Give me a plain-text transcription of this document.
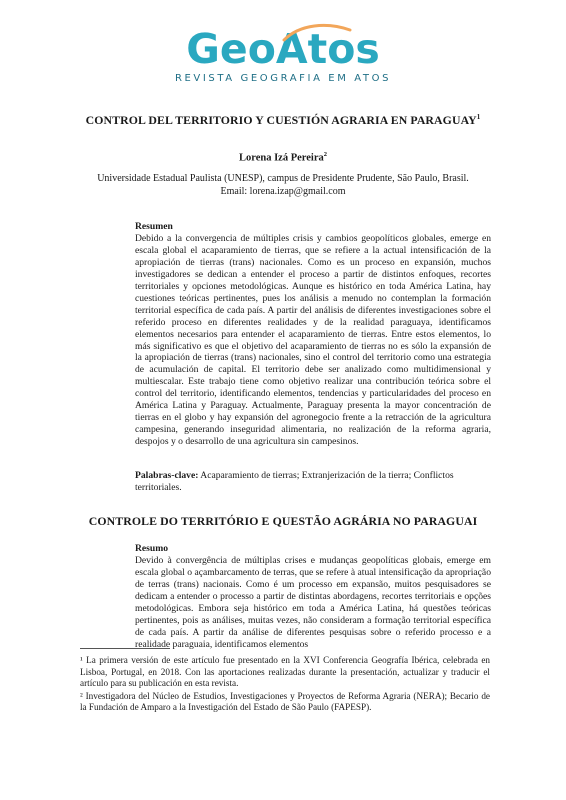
GeoAtos
REVISTA GEOGRAFIA EM ATOS
CONTROL DEL TERRITORIO Y CUESTIÓN AGRARIA EN PARAGUAY$^1$
Lorena Izá Pereira$^2$
Universidade Estadual Paulista (UNESP), campus de Presidente Prudente, São Paulo, Brasil.
Email: lorena.izap@gmail.com
Resumen
Debido a la convergencia de múltiples crisis y cambios geopolíticos globales, emerge en escala global el acaparamiento de tierras, que se refiere a la actual intensificación de la apropiación de tierras (trans) nacionales. Como es un proceso en expansión, muchos investigadores se dedican a entender el proceso a partir de distintos enfoques, recortes territoriales y opciones metodológicas. Aunque es histórico en toda América Latina, hay cuestiones teóricas pertinentes, pues los análisis a menudo no contemplan la formación territorial específica de cada país. A partir del análisis de diferentes investigaciones sobre el referido proceso en diferentes realidades y de la realidad paraguaya, identificamos elementos necesarios para entender el acaparamiento de tierras. Entre estos elementos, lo más significativo es que el objetivo del acaparamiento de tierras no es sólo la expansión de la apropiación de tierras (trans) nacionales, sino el control del territorio como una estrategia de acumulación de capital. El territorio debe ser analizado como multidimensional y multiescalar. Este trabajo tiene como objetivo realizar una contribución teórica sobre el control del territorio, identificando elementos, tendencias y particularidades del proceso en América Latina y Paraguay. Actualmente, Paraguay presenta la mayor concentración de tierras en el globo y hay expansión del agronegocio frente a la retracción de la agricultura campesina, generando inseguridad alimentaria, no realización de la reforma agraria, despojos y o desarrollo de una agricultura sin campesinos.
Palabras-clave: Acaparamiento de tierras; Extranjerización de la tierra; Conflictos territoriales.
CONTROLE DO TERRITÓRIO E QUESTÃO AGRÁRIA NO PARAGUAI
Resumo
Devido à convergência de múltiplas crises e mudanças geopolíticas globais, emerge em escala global o açambarcamento de terras, que se refere à atual intensificação da apropriação de terras (trans) nacionais. Como é um processo em expansão, muitos pesquisadores se dedicam a entender o processo a partir de distintas abordagens, recortes territoriais e opções metodológicas. Embora seja histórico em toda a América Latina, há questões teóricas pertinentes, pois as análises, muitas vezes, não consideram a formação territorial específica de cada país. A partir da análise de diferentes pesquisas sobre o referido processo e a realidade paraguaia, identificamos elementos

¹ La primera versión de este artículo fue presentado en la XVI Conferencia Geografía Ibérica, celebrada en Lisboa, Portugal, en 2018. Con las aportaciones realizadas durante la presentación, actualizar y traducir el artículo para su publicación en esta revista.

² Investigadora del Núcleo de Estudios, Investigaciones y Proyectos de Reforma Agraria (NERA); Becario de la Fundación de Amparo a la Investigación del Estado de São Paulo (FAPESP).
